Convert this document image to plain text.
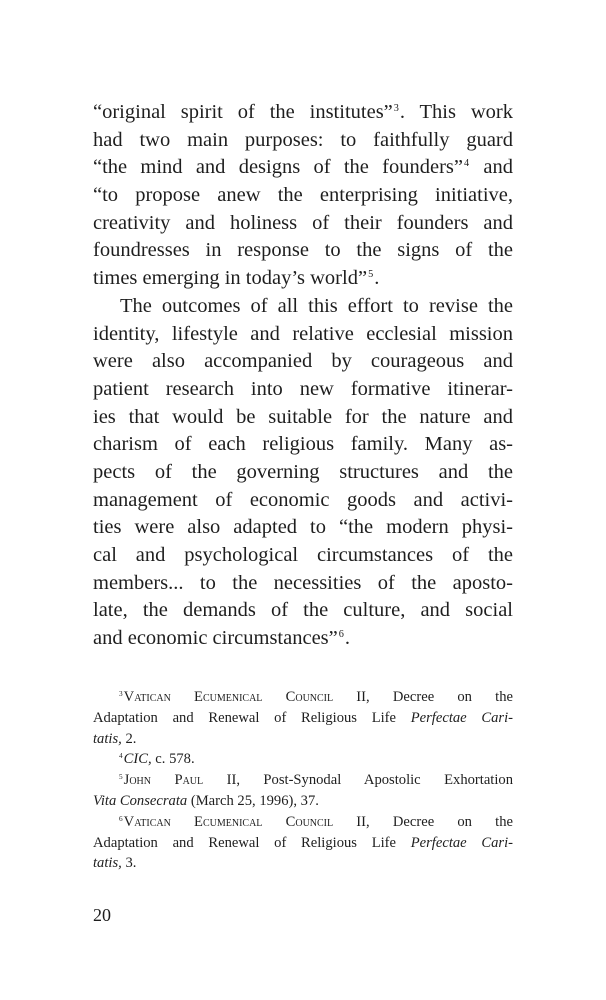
“original spirit of the institutes”$^3$. This work
had two main purposes: to faithfully guard
“the mind and designs of the founders”$^4$ and
“to propose anew the enterprising initiative,
creativity and holiness of their founders and
foundresses in response to the signs of the
times emerging in today’s world”$^5$.
The outcomes of all this effort to revise the
identity, lifestyle and relative ecclesial mission
were also accompanied by courageous and
patient research into new formative itinerar-
ies that would be suitable for the nature and
charism of each religious family. Many as-
pects of the governing structures and the
management of economic goods and activi-
ties were also adapted to “the modern physi-
cal and psychological circumstances of the
members... to the necessities of the aposto-
late, the demands of the culture, and social
and economic circumstances”$^6$.
$^3$Vatican Ecumenical Council II, Decree on the
Adaptation and Renewal of Religious Life Perfectae Cari-
tatis, 2.
$^4$CIC, c. 578.
$^5$John Paul II, Post-Synodal Apostolic Exhortation
Vita Consecrata (March 25, 1996), 37.
$^6$Vatican Ecumenical Council II, Decree on the
Adaptation and Renewal of Religious Life Perfectae Cari-
tatis, 3.
20
